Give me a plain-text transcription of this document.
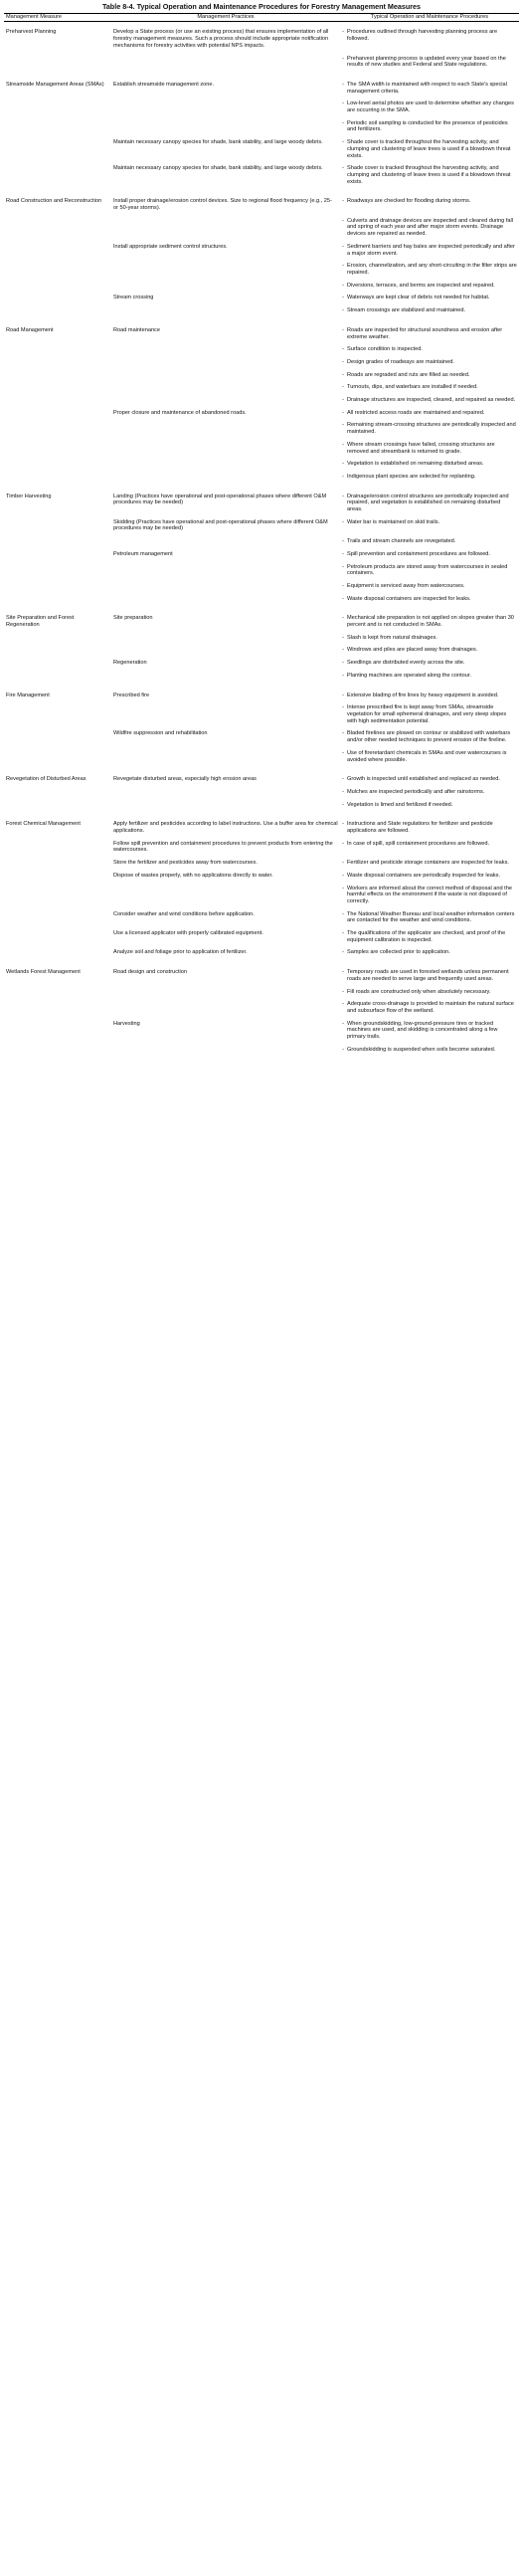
Table 8-4. Typical Operation and Maintenance Procedures for Forestry Management Measures

Management Measure	Management Practices	Typical Operation and Maintenance Procedures	

Preharvest Planning	Develop a State process (or use an existing process) that ensures implementation of all forestry management measures. Such a process should include appropriate notification mechanisms for forestry activities with potential NPS impacts.	-	Procedures outlined through harvesting planning process are followed.
		-	Preharvest planning process is updated every year based on the results of new studies and Federal and State regulations.
Streamside Management Areas (SMAs)	Establish streamside management zone.	-	The SMA width is maintained with respect to each State's special management criteria.
		-	Low-level aerial photos are used to determine whether any changes are occurring in the SMA.
		-	Periodic soil sampling is conducted for the presence of pesticides and fertilizers.
	Maintain necessary canopy species for shade, bank stability, and large woody debris.	-	Shade cover is tracked throughout the harvesting activity, and clumping and clustering of leave trees is used if a blowdown threat exists.
	Maintain necessary canopy species for shade, bank stability, and large woody debris.	-	Shade cover is tracked throughout the harvesting activity, and clumping and clustering of leave trees is used if a blowdown threat exists.
Road Construction and Reconstruction	Install proper drainage/erosion control devices. Size to regional flood frequency (e.g., 25- or 50-year storms).	-	Roadways are checked for flooding during storms.
		-	Culverts and drainage devices are inspected and cleared during fall and spring of each year and after major storm events. Drainage devices are repaired as needed.
	Install appropriate sediment control structures.	-	Sediment barriers and hay bales are inspected periodically and after a major storm event.
		-	Erosion, channelization, and any short-circuiting in the filter strips are repaired.
		-	Diversions, terraces, and berms are inspected and repaired.
	Stream crossing	-	Waterways are kept clear of debris not needed for habitat.
		-	Stream crossings are stabilized and maintained.
Road Management	Road maintenance	-	Roads are inspected for structural soundness and erosion after extreme weather.
		-	Surface condition is inspected.
		-	Design grades of roadways are maintained.
		-	Roads are regraded and ruts are filled as needed.
		-	Turnouts, dips, and waterbars are installed if needed.
		-	Drainage structures are inspected, cleared, and repaired as needed.
	Proper closure and maintenance of abandoned roads.	-	All restricted access roads are maintained and repaired.
		-	Remaining stream-crossing structures are periodically inspected and maintained.
		-	Where stream crossings have failed, crossing structures are removed and streambank is returned to grade.
		-	Vegetation is established on remaining disturbed areas.
		-	Indigenous plant species are selected for replanting.
Timber Harvesting	Landing (Practices have operational and post-operational phases where different O&M procedures may be needed)	-	Drainage/erosion control structures are periodically inspected and repaired, and vegetation is established on remaining disturbed areas.
	Skidding (Practices have operational and post-operational phases where different O&M procedures may be needed)	-	Water bar is maintained on skid trails.
		-	Trails and stream channels are revegetated.
	Petroleum management	-	Spill prevention and containment procedures are followed.
		-	Petroleum products are stored away from watercourses in sealed containers.
		-	Equipment is serviced away from watercourses.
		-	Waste disposal containers are inspected for leaks.
Site Preparation and Forest Regeneration	Site preparation	-	Mechanical site preparation is not applied on slopes greater than 30 percent and is not conducted in SMAs.
		-	Slash is kept from natural drainages.
		-	Windrows and piles are placed away from drainages.
	Regeneration	-	Seedlings are distributed evenly across the site.
		-	Planting machines are operated along the contour.
Fire Management	Prescribed fire	-	Extensive blading of fire lines by heavy equipment is avoided.
		-	Intense prescribed fire is kept away from SMAs, streamside vegetation for small ephemeral drainages, and very steep slopes with high sedimentation potential.
	Wildfire suppression and rehabilitation	-	Bladed firelines are plowed on contour or stabilized with waterbars and/or other needed techniques to prevent erosion of the fireline.
		-	Use of fireretardant chemicals in SMAs and over watercourses is avoided where possible.
Revegetation of Disturbed Areas	Revegetate disturbed areas, especially high erosion areas	-	Growth is inspected until established and replaced as needed.
		-	Mulches are inspected periodically and after rainstorms.
		-	Vegetation is limed and fertilized if needed.
Forest Chemical Management	Apply fertilizer and pesticides according to label instructions. Use a buffer area for chemical applications.	-	Instructions and State regulations for fertilizer and pesticide applications are followed.
	Follow spill prevention and containment procedures to prevent products from entering the watercourses.	-	In case of spill, spill containment procedures are followed.
	Store the fertilizer and pesticides away from watercourses.	-	Fertilizer and pesticide storage containers are inspected for leaks.
	Dispose of wastes properly, with no applications directly to water.	-	Waste disposal containers are periodically inspected for leaks.
		-	Workers are informed about the correct method of disposal and the harmful effects on the environment if the waste is not disposed of correctly.
	Consider weather and wind conditions before application.	-	The National Weather Bureau and local weather information centers are contacted for the weather and wind conditions.
	Use a licensed applicator with properly calibrated equipment.	-	The qualifications of the applicator are checked, and proof of the equipment calibration is inspected.
	Analyze soil and foliage prior to application of fertilizer.	-	Samples are collected prior to application.
Wetlands Forest Management	Road design and construction	-	Temporary roads are used in forested wetlands unless permanent roads are needed to serve large and frequently used areas.
		-	Fill roads are constructed only when absolutely necessary.
		-	Adequate cross-drainage is provided to maintain the natural surface and subsurface flow of the wetland.
	Harvesting	-	When groundskidding, low-ground-pressure tires or tracked machines are used, and skidding is concentrated along a few primary trails.
		-	Groundskidding is suspended when soils become saturated.
